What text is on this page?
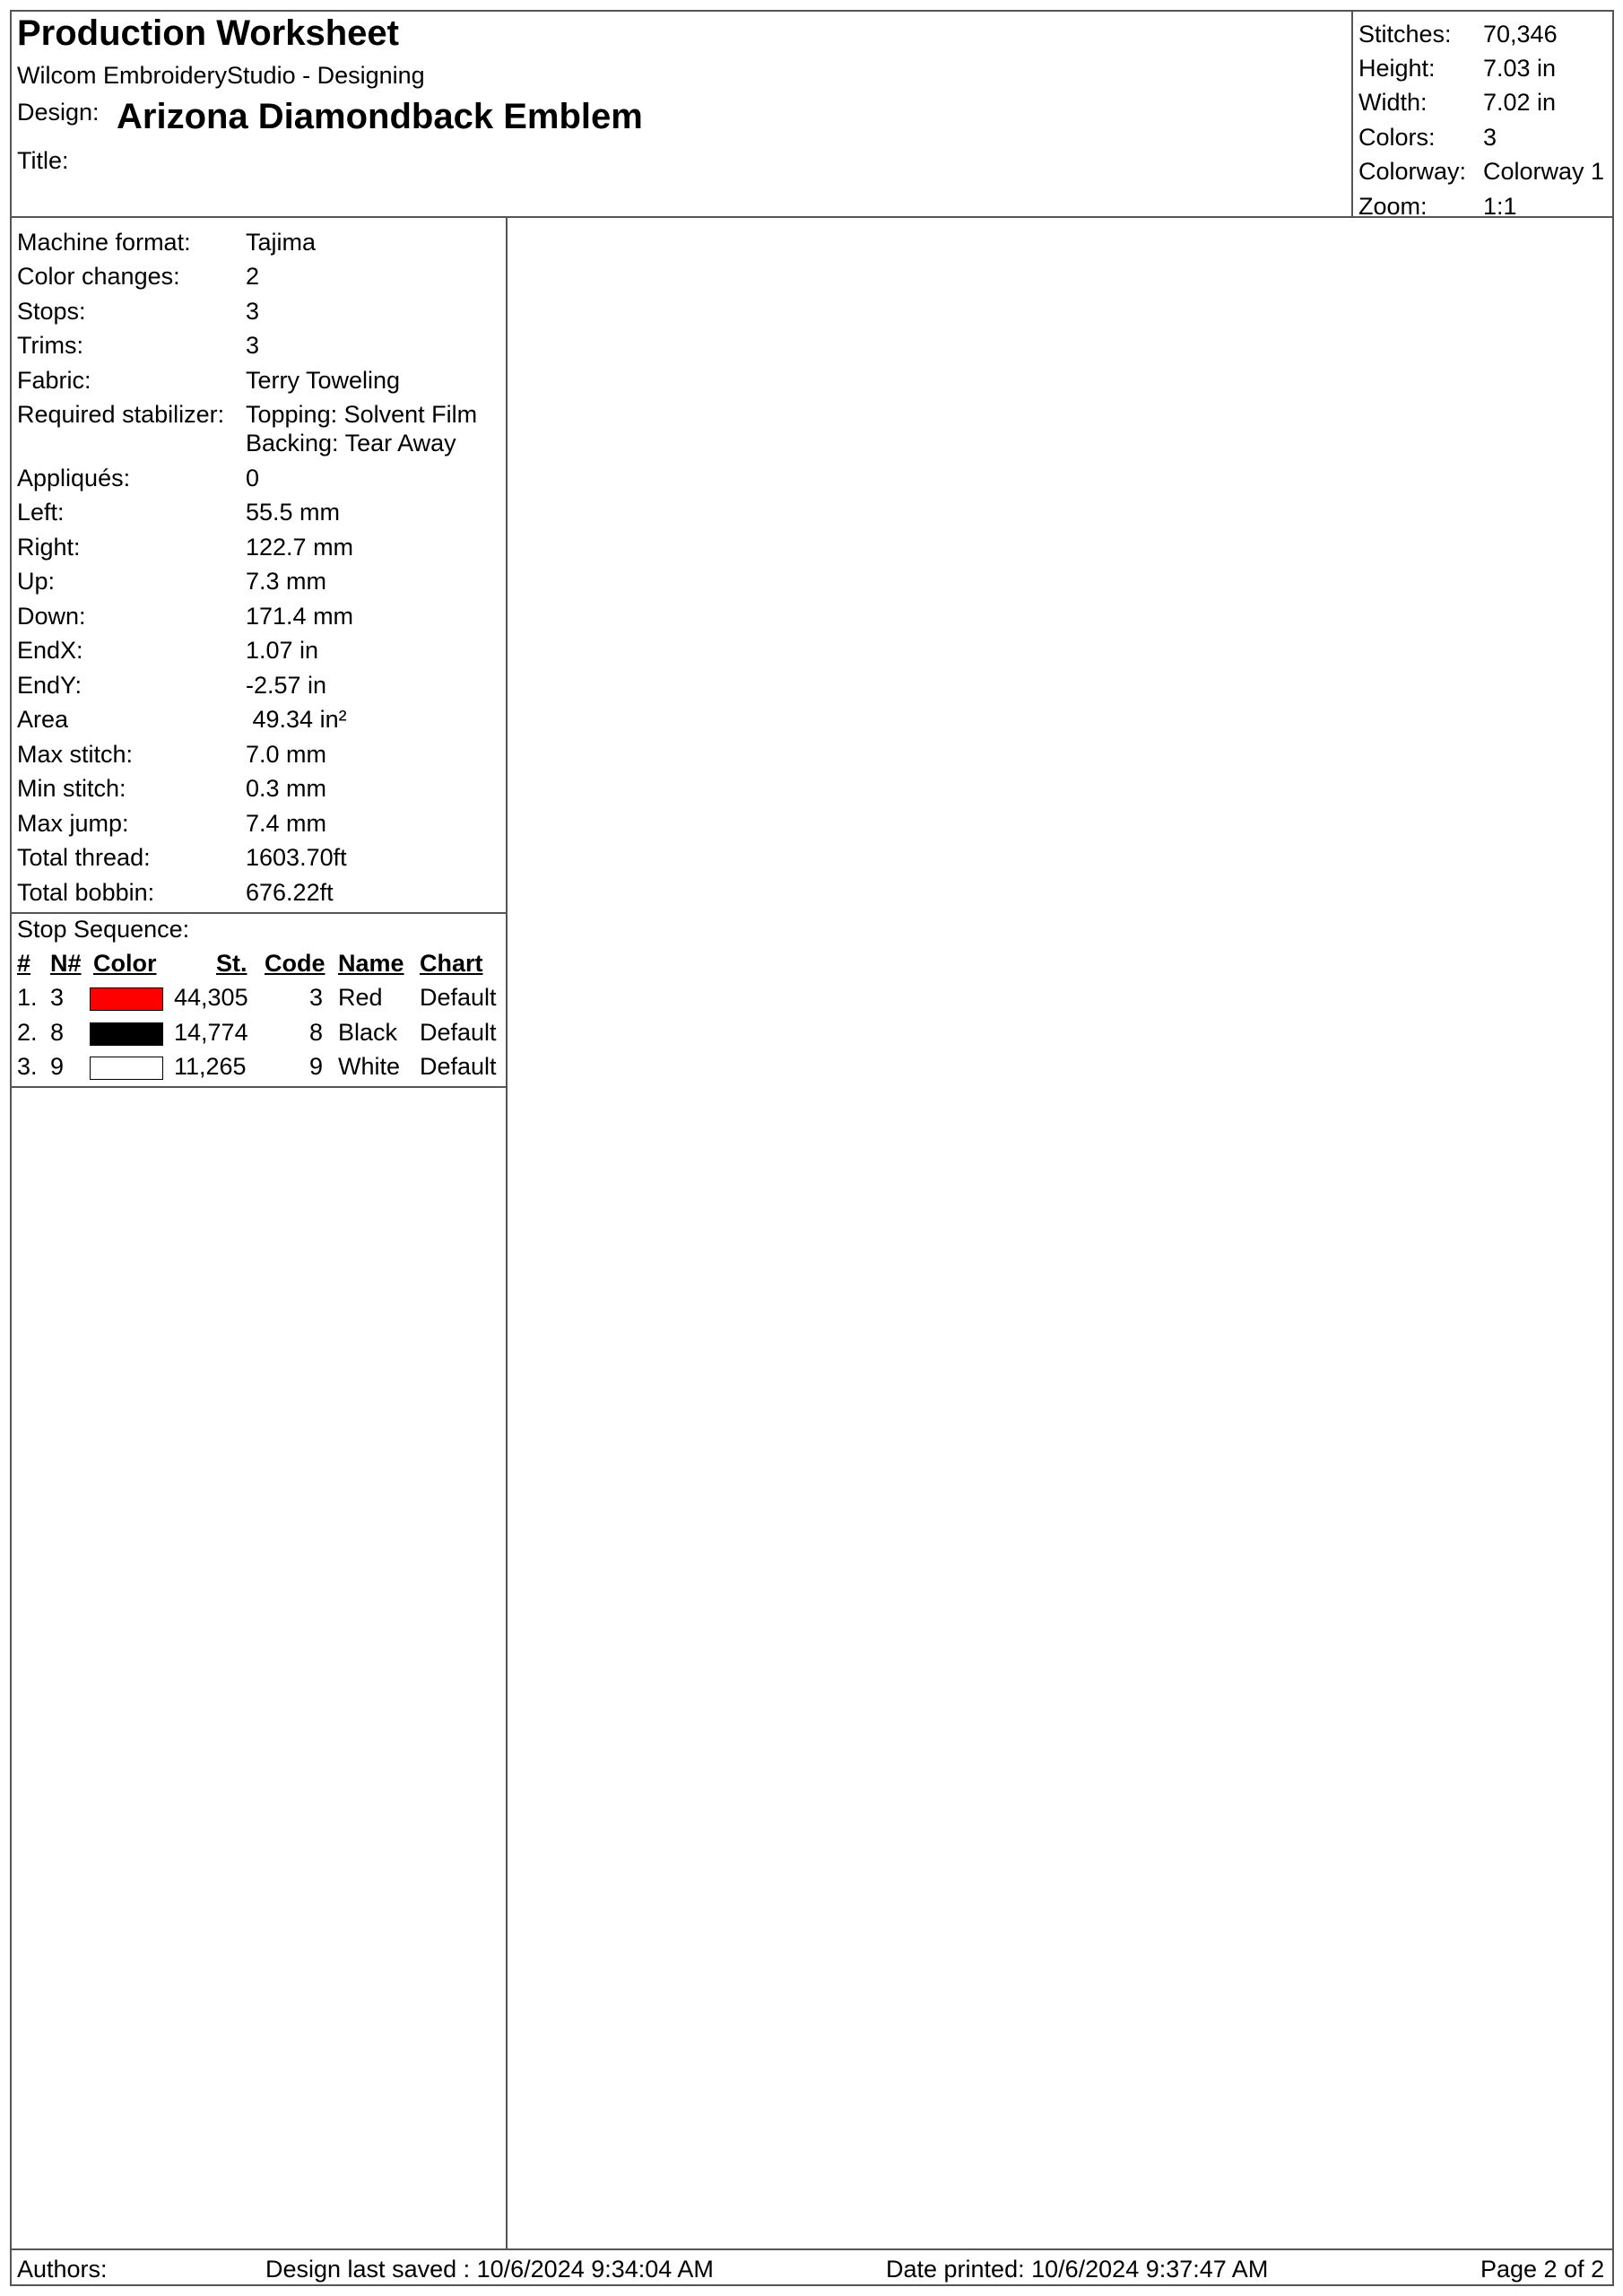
Production Worksheet
Wilcom EmbroideryStudio - Designing
Design: Arizona Diamondback Emblem
Title:
Stitches: 70,346
Height: 7.03 in
Width: 7.02 in
Colors: 3
Colorway: Colorway 1
Zoom: 1:1
Machine format: Tajima
Color changes:	2
Stops:	3
Trims:	3
Fabric:	Terry Toweling
Required stabilizer: Topping: Solvent Film
Backing: Tear Away
Appliqués:	0
Left:	55.5 mm
Right:	122.7 mm
Up:	7.3 mm
Down:	171.4 mm
EndX:	1.07 in
EndY:	-2.57 in
Area	49.34 in²
Max stitch:	7.0 mm
Min stitch:	0.3 mm
Max jump:	7.4 mm
Total thread:	1603.70ft
Total bobbin:	676.22ft
Stop Sequence:
# N# Color St. Code Name Chart
1. 3	44,305	3 Red Default
2. 8	14,774	8 Black Default
3. 9	11,265	9 White Default
Authors:	Design last saved : 10/6/2024 9:34:04 AM	Date printed: 10/6/2024 9:37:47 AM	Page 2 of 2
